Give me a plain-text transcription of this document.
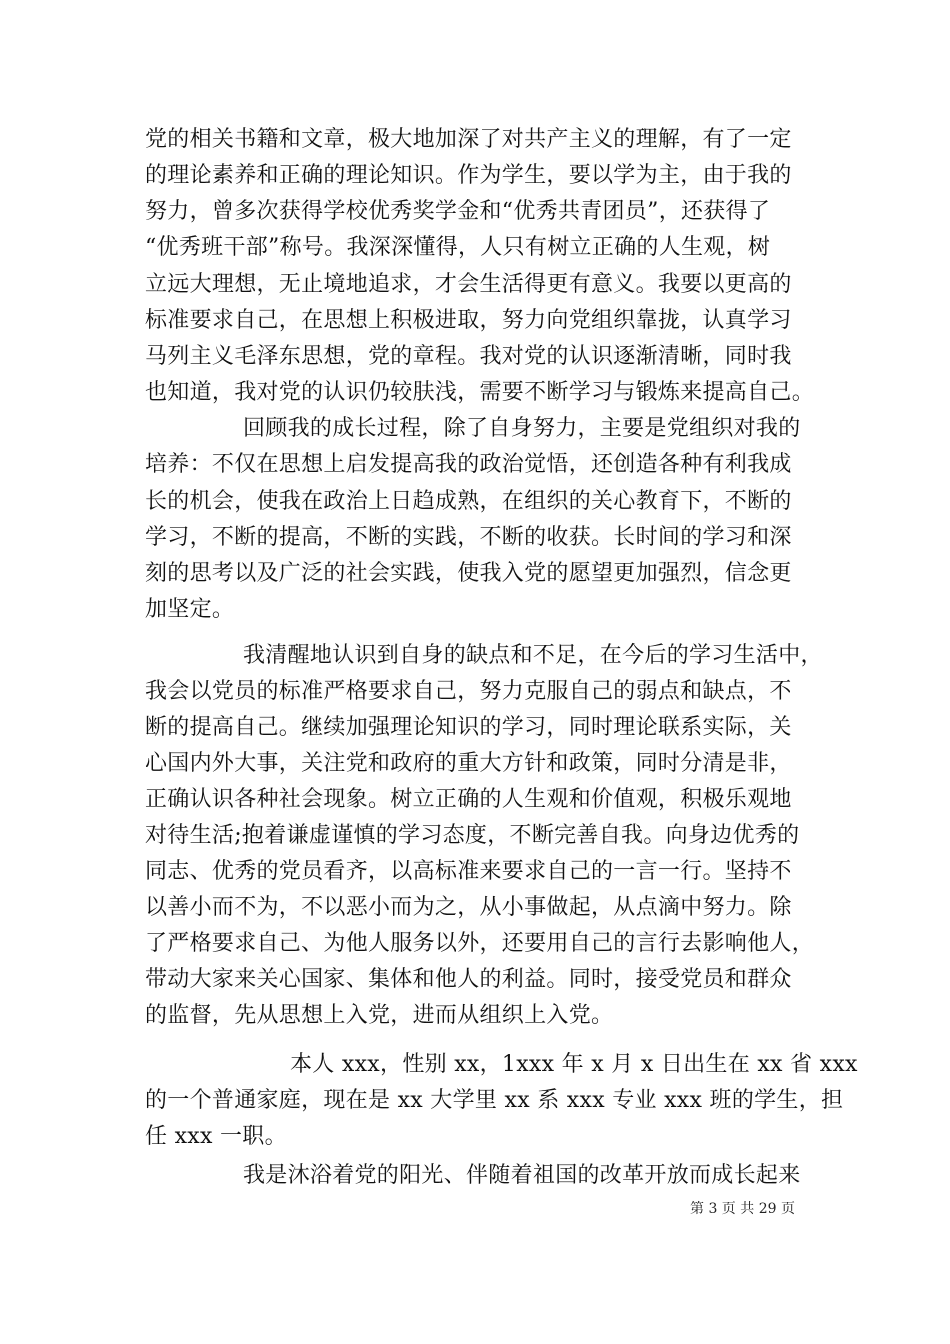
党的相关书籍和文章，极大地加深了对共产主义的理解，有了一定
的理论素养和正确的理论知识。作为学生，要以学为主，由于我的
努力，曾多次获得学校优秀奖学金和“优秀共青团员”，还获得了
“优秀班干部”称号。我深深懂得，人只有树立正确的人生观，树
立远大理想，无止境地追求，才会生活得更有意义。我要以更高的
标准要求自己，在思想上积极进取，努力向党组织靠拢，认真学习
马列主义毛泽东思想，党的章程。我对党的认识逐渐清晰，同时我
也知道，我对党的认识仍较肤浅，需要不断学习与锻炼来提高自己。
回顾我的成长过程，除了自身努力，主要是党组织对我的
培养：不仅在思想上启发提高我的政治觉悟，还创造各种有利我成
长的机会，使我在政治上日趋成熟，在组织的关心教育下，不断的
学习，不断的提高，不断的实践，不断的收获。长时间的学习和深
刻的思考以及广泛的社会实践，使我入党的愿望更加强烈，信念更
加坚定。
我清醒地认识到自身的缺点和不足，在今后的学习生活中，
我会以党员的标准严格要求自己，努力克服自己的弱点和缺点，不
断的提高自己。继续加强理论知识的学习，同时理论联系实际，关
心国内外大事，关注党和政府的重大方针和政策，同时分清是非，
正确认识各种社会现象。树立正确的人生观和价值观，积极乐观地
对待生活;抱着谦虚谨慎的学习态度，不断完善自我。向身边优秀的
同志、优秀的党员看齐，以高标准来要求自己的一言一行。坚持不
以善小而不为，不以恶小而为之，从小事做起，从点滴中努力。除
了严格要求自己、为他人服务以外，还要用自己的言行去影响他人，
带动大家来关心国家、集体和他人的利益。同时，接受党员和群众
的监督，先从思想上入党，进而从组织上入党。
本人 xxx，性别 xx，1xxx 年 x 月 x 日出生在 xx 省 xxx
的一个普通家庭，现在是 xx 大学里 xx 系 xxx 专业 xxx 班的学生，担
任 xxx 一职。
我是沐浴着党的阳光、伴随着祖国的改革开放而成长起来
第 3 页 共 29 页
